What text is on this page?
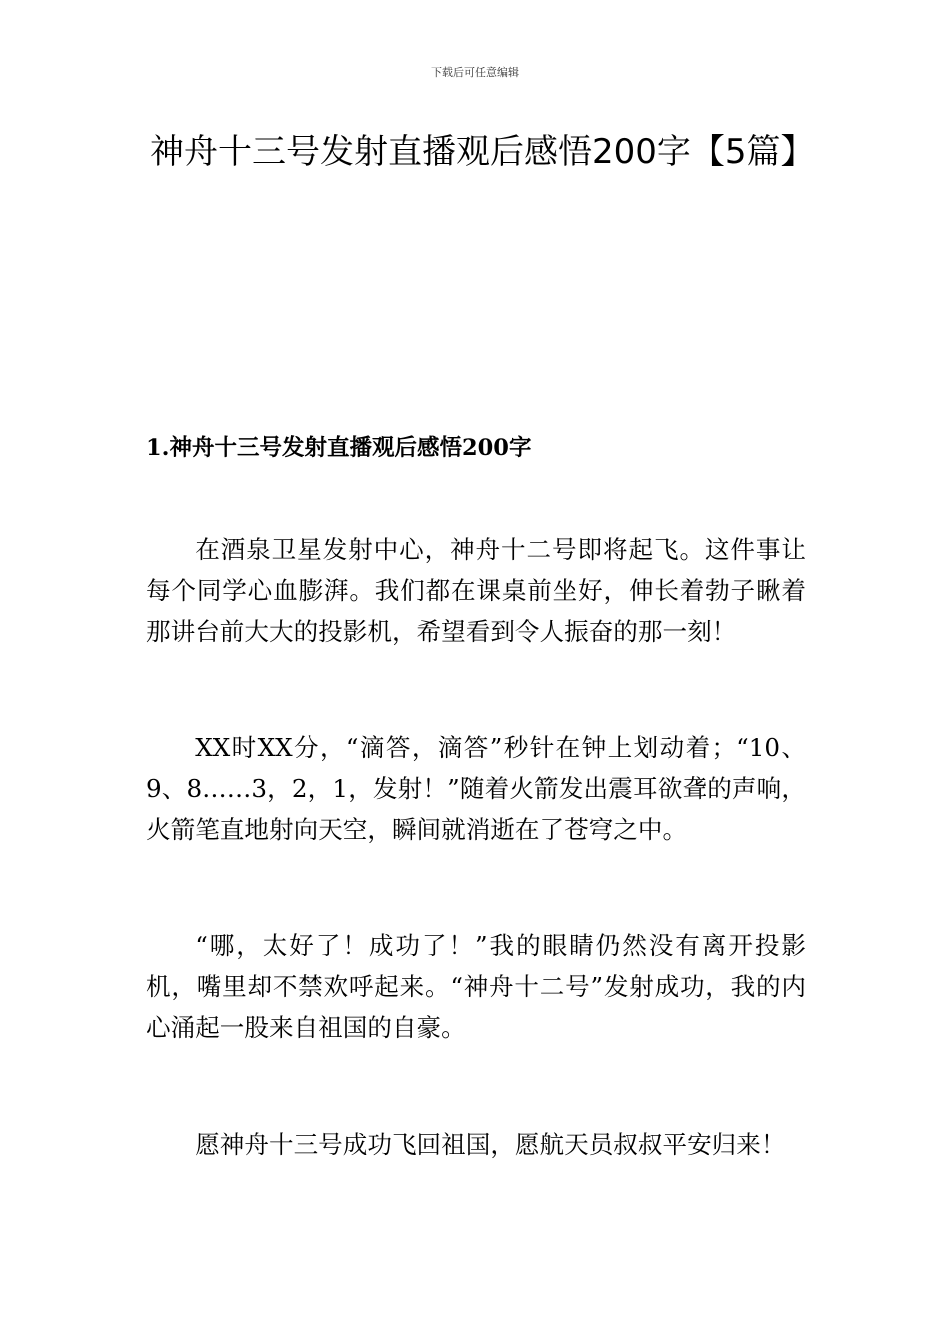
下载后可任意编辑
神舟十三号发射直播观后感悟200字【5篇】
1.神舟十三号发射直播观后感悟200字

在酒泉卫星发射中心，神舟十二号即将起飞。这件事让每个同学心血膨湃。我们都在课桌前坐好，伸长着勃子瞅着那讲台前大大的投影机，希望看到令人振奋的那一刻！

XX时XX分，“滴答，滴答”秒针在钟上划动着；“10、9、8……3，2，1，发射！”随着火箭发出震耳欲聋的声响，火箭笔直地射向天空，瞬间就消逝在了苍穹之中。

“哪，太好了！成功了！”我的眼睛仍然没有离开投影机，嘴里却不禁欢呼起来。“神舟十二号”发射成功，我的内心涌起一股来自祖国的自豪。

愿神舟十三号成功飞回祖国，愿航天员叔叔平安归来！
